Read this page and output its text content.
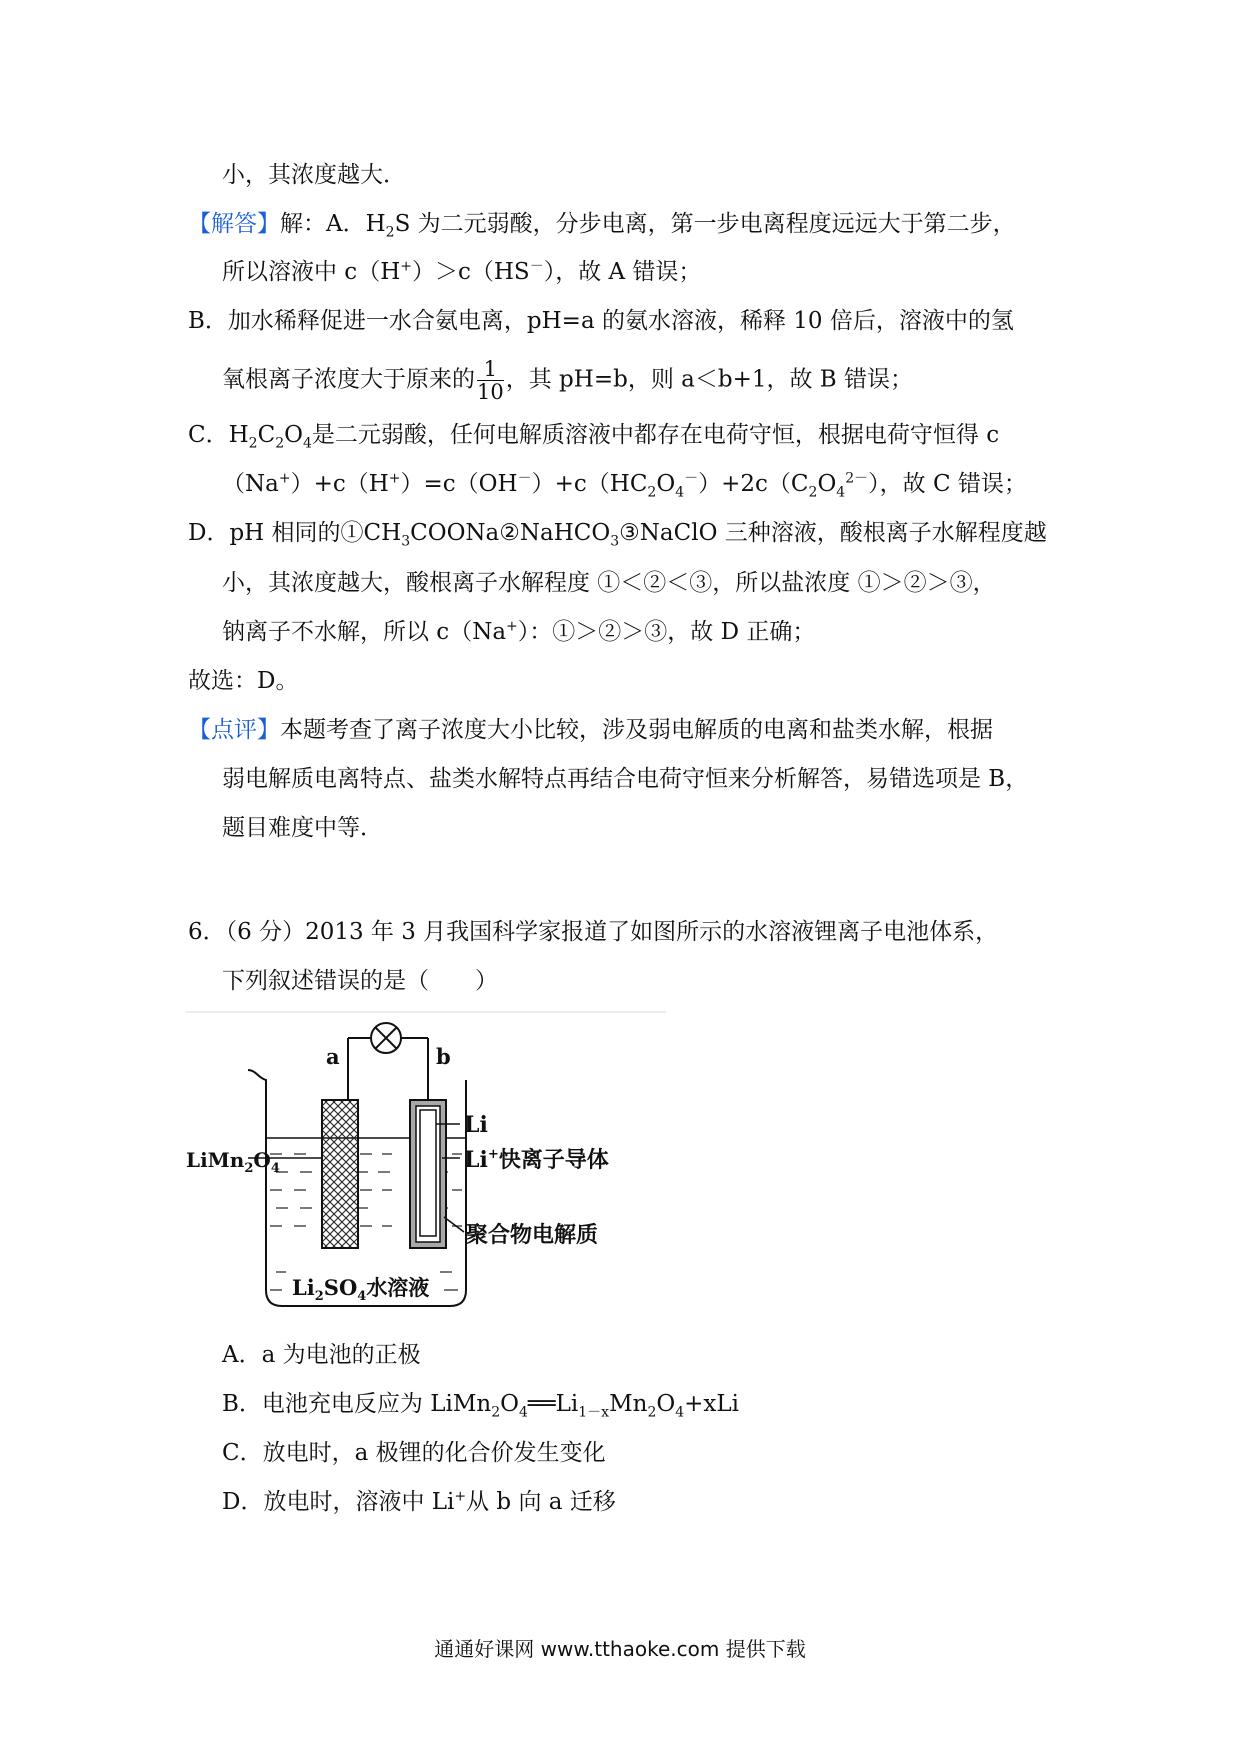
小，其浓度越大．
【解答】解：A．$H_2S$ 为二元弱酸，分步电离，第一步电离程度远远大于第二步，
所以溶液中 c（H+）＞c（HS－），故 A 错误；
B．加水稀释促进一水合氨电离，pH=a 的氨水溶液，稀释 10 倍后，溶液中的氢
氧根离子浓度大于原来的 $\frac{1}{10}$ ，其 pH=b，则 a＜b+1，故 B 错误；
C．$H_2C_2O_4$是二元弱酸，任何电解质溶液中都存在电荷守恒，根据电荷守恒得 c
$(Na^+)+c(H^+)=c(OH^-)+c(HC_2O_4^-)+2c(C_2O_4^{2-})$，故 C 错误；
D．pH 相同的$①CH_3COONa②NaHCO_3③NaClO$ 三种溶液，酸根离子水解程度越
小，其浓度越大，酸根离子水解程度 ①＜②＜③，所以盐浓度 ①＞②＞③，
钠离子不水解，所以 c（Na+）：①＞②＞③，故 D 正确；
故选：D。
【点评】本题考查了离子浓度大小比较，涉及弱电解质的电离和盐类水解，根据
弱电解质电离特点、盐类水解特点再结合电荷守恒来分析解答，易错选项是 B，
题目难度中等．
6．（6 分）2013 年 3 月我国科学家报道了如图所示的水溶液锂离子电池体系，
下列叙述错误的是（　　）
a	b
Li
Li+快离子导体
$LiMn_2O_4$
聚合物电解质
$Li_2SO_4$水溶液
A．a 为电池的正极
B．电池充电反应为 $LiMn_2O_4══Li_{1-x}Mn_2O_4+xLi$
C．放电时，a 极锂的化合价发生变化
D．放电时，溶液中 Li+从 b 向 a 迁移
通通好课网 www.tthaoke.com 提供下载
